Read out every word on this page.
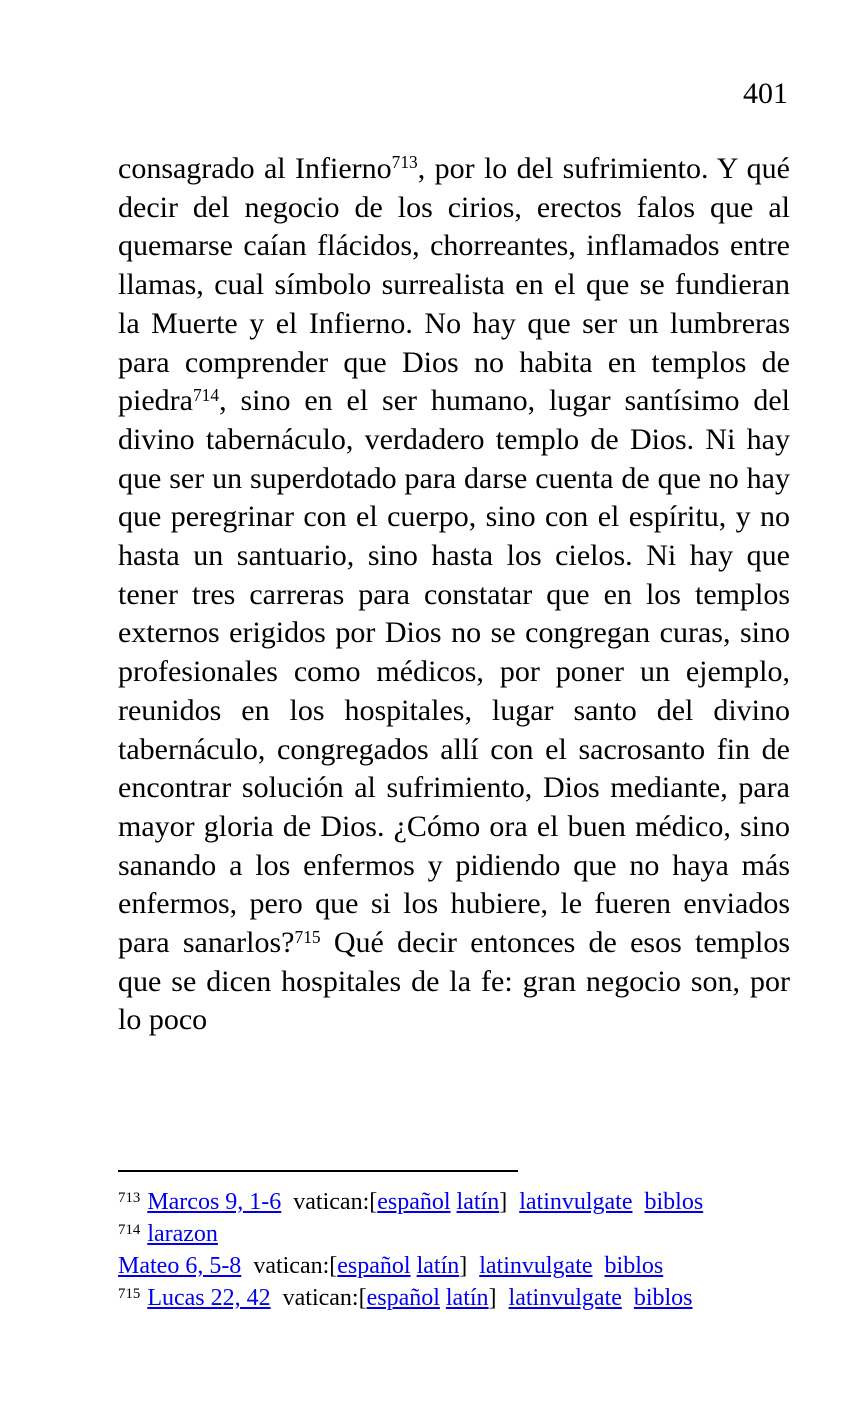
401

consagrado al Infierno$^{713}$, por lo del sufrimiento. Y qué decir del negocio de los cirios, erectos falos que al quemarse caían flácidos, chorreantes, inflamados entre llamas, cual símbolo surrealista en el que se fundieran la Muerte y el Infierno. No hay que ser un lumbreras para comprender que Dios no habita en templos de piedra$^{714}$, sino en el ser humano, lugar santísimo del divino tabernáculo, verdadero templo de Dios. Ni hay que ser un superdotado para darse cuenta de que no hay que peregrinar con el cuerpo, sino con el espíritu, y no hasta un santuario, sino hasta los cielos. Ni hay que tener tres carreras para constatar que en los templos externos erigidos por Dios no se congregan curas, sino profesionales como médicos, por poner un ejemplo, reunidos en los hospitales, lugar santo del divino tabernáculo, congregados allí con el sacrosanto fin de encontrar solución al sufrimiento, Dios mediante, para mayor gloria de Dios. ¿Cómo ora el buen médico, sino sanando a los enfermos y pidiendo que no haya más enfermos, pero que si los hubiere, le fueren enviados para sanarlos?$^{715}$ Qué decir entonces de esos templos que se dicen hospitales de la fe: gran negocio son, por lo poco

$^{713}$ Marcos 9, 1-6  vatican:[español latín]  latinvulgate biblos
$^{714}$ larazon
Mateo 6, 5-8  vatican:[español latín]  latinvulgate biblos
$^{715}$ Lucas 22, 42  vatican:[español latín]  latinvulgate biblos
